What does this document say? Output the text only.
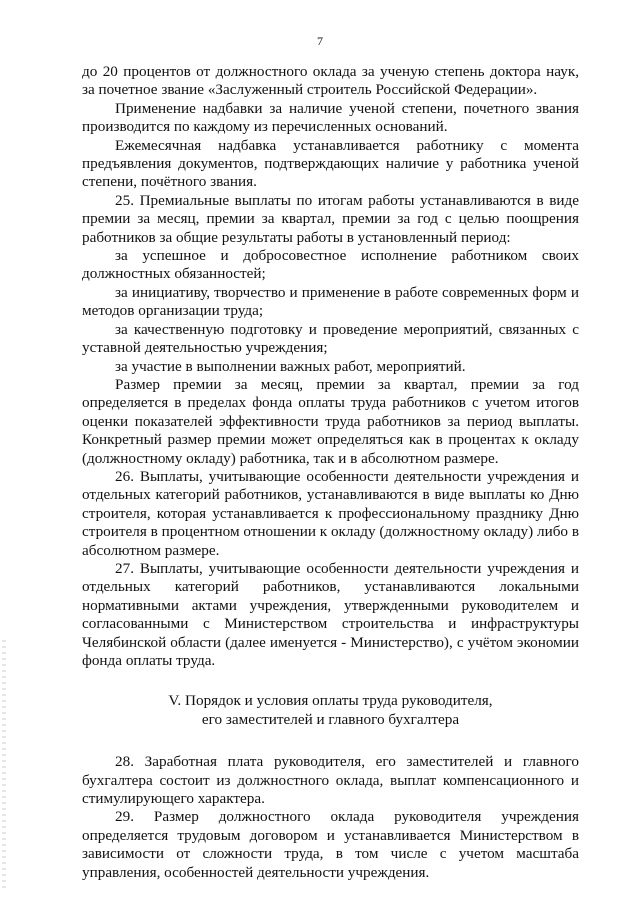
7

до 20 процентов от должностного оклада за ученую степень доктора наук, за почетное звание «Заслуженный строитель Российской Федерации».

Применение надбавки за наличие ученой степени, почетного звания производится по каждому из перечисленных оснований.

Ежемесячная надбавка устанавливается работнику с момента предъявления документов, подтверждающих наличие у работника ученой степени, почётного звания.

25. Премиальные выплаты по итогам работы устанавливаются в виде премии за месяц, премии за квартал, премии за год с целью поощрения работников за общие результаты работы в установленный период:

за успешное и добросовестное исполнение работником своих должностных обязанностей;

за инициативу, творчество и применение в работе современных форм и методов организации труда;

за качественную подготовку и проведение мероприятий, связанных с уставной деятельностью учреждения;

за участие в выполнении важных работ, мероприятий.

Размер премии за месяц, премии за квартал, премии за год определяется в пределах фонда оплаты труда работников с учетом итогов оценки показателей эффективности труда работников за период выплаты. Конкретный размер премии может определяться как в процентах к окладу (должностному окладу) работника, так и в абсолютном размере.

26. Выплаты, учитывающие особенности деятельности учреждения и отдельных категорий работников, устанавливаются в виде выплаты ко Дню строителя, которая устанавливается к профессиональному празднику Дню строителя в процентном отношении к окладу (должностному окладу) либо в абсолютном размере.

27. Выплаты, учитывающие особенности деятельности учреждения и отдельных категорий работников, устанавливаются локальными нормативными актами учреждения, утвержденными руководителем и согласованными с Министерством строительства и инфраструктуры Челябинской области (далее именуется - Министерство), с учётом экономии фонда оплаты труда.

V. Порядок и условия оплаты труда руководителя,
его заместителей и главного бухгалтера

28. Заработная плата руководителя, его заместителей и главного бухгалтера состоит из должностного оклада, выплат компенсационного и стимулирующего характера.

29. Размер должностного оклада руководителя учреждения определяется трудовым договором и устанавливается Министерством в зависимости от сложности труда, в том числе с учетом масштаба управления, особенностей деятельности учреждения.
